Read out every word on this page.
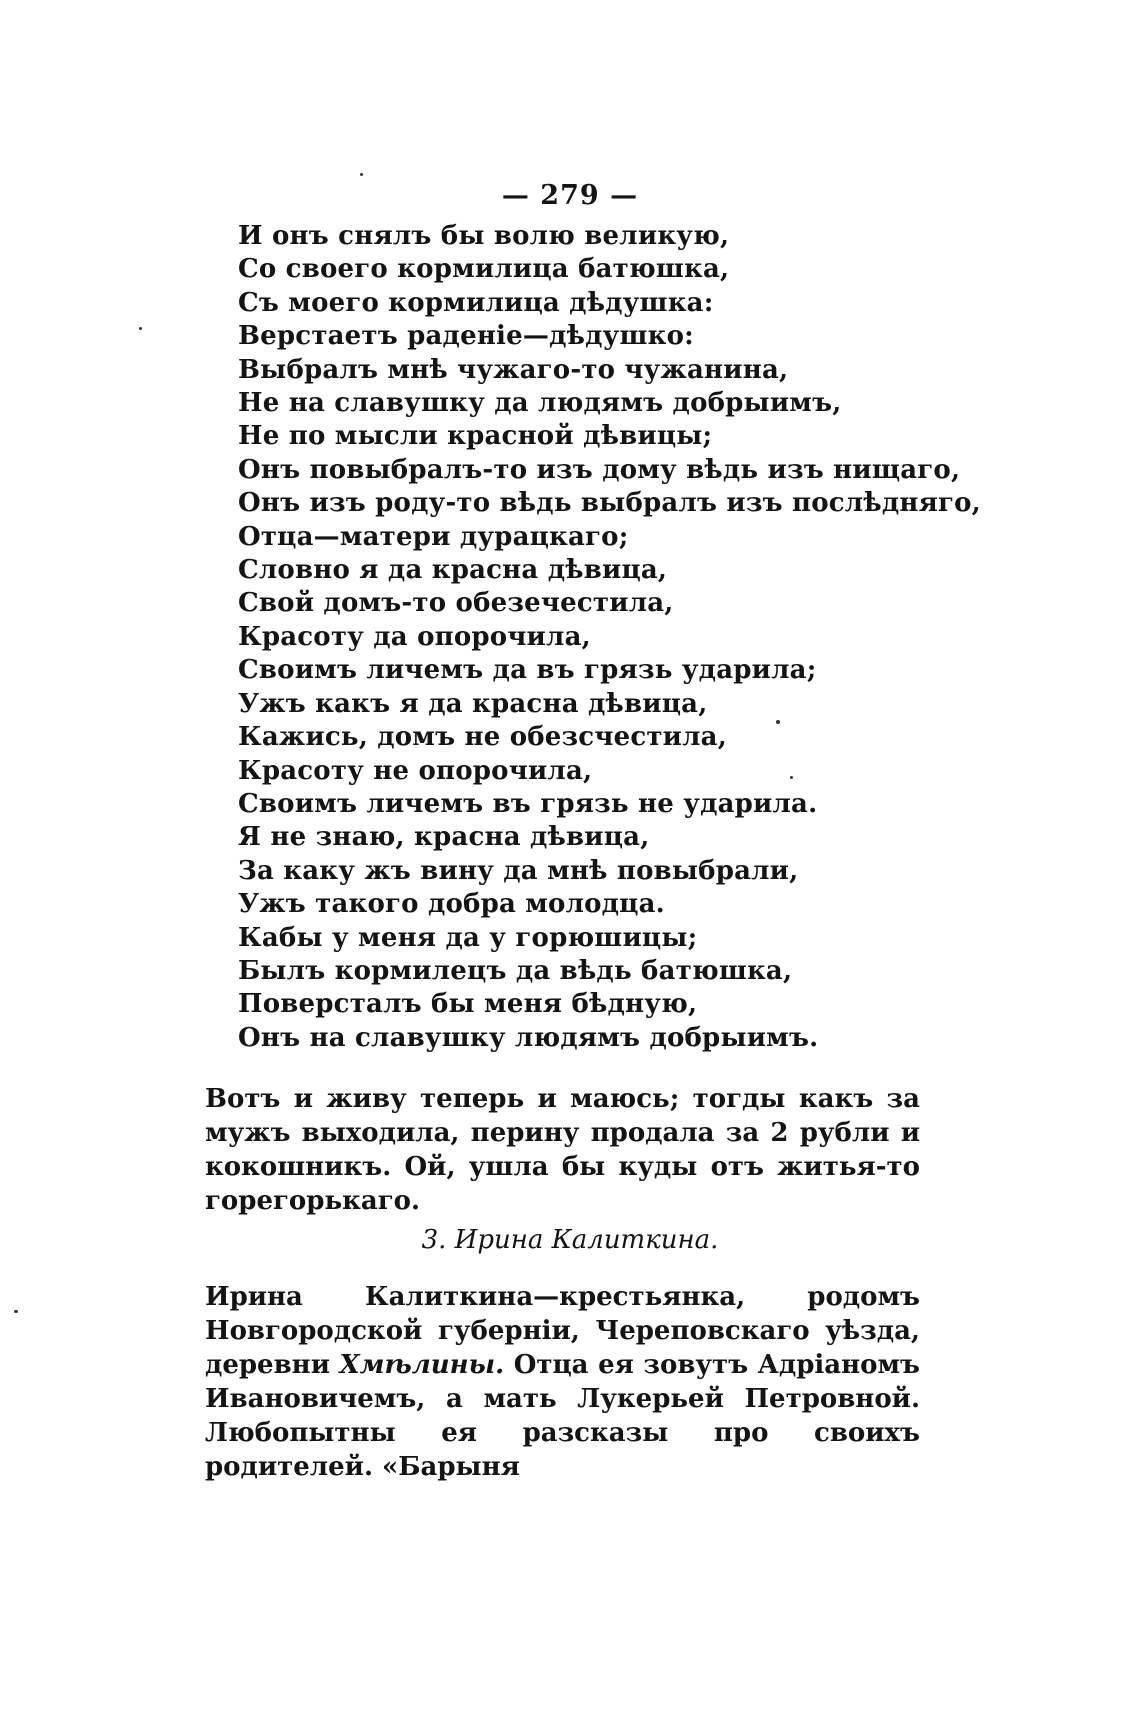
— 279 —
И онъ снялъ бы волю великую,
Со своего кормилица батюшка,
Съ моего кормилица дѣдушка:
Верстаетъ раденіе—дѣдушко:
Выбралъ мнѣ чужаго-то чужанина,
Не на славушку да людямъ добрыимъ,
Не по мысли красной дѣвицы;
Онъ повыбралъ-то изъ дому вѣдь изъ нищаго,
Онъ изъ роду-то вѣдь выбралъ изъ послѣдняго,
Отца—матери дурацкаго;
Словно я да красна дѣвица,
Свой домъ-то обезечестила,
Красоту да опорочила,
Своимъ личемъ да въ грязь ударила;
Ужъ какъ я да красна дѣвица,
Кажись, домъ не обезсчестила,
Красоту не опорочила,
Своимъ личемъ въ грязь не ударила.
Я не знаю, красна дѣвица,
За каку жъ вину да мнѣ повыбрали,
Ужъ такого добра молодца.
Кабы у меня да у горюшицы;
Былъ кормилецъ да вѣдь батюшка,
Поверсталъ бы меня бѣдную,
Онъ на славушку людямъ добрыимъ.

Вотъ и живу теперь и маюсь; тогды какъ за мужъ выходила, перину продала за 2 рубли и кокошникъ. Ой, ушла бы куды отъ житья-то горегорькаго.

3. Ирина Калиткина.

Ирина Калиткина—крестьянка, родомъ Новгородской губерніи, Череповскаго уѣзда, деревни Хмѣлины. Отца ея зовутъ Адріаномъ Ивановичемъ, а мать Лукерьей Петровной. Любопытны ея разсказы про своихъ родителей. «Барыня
